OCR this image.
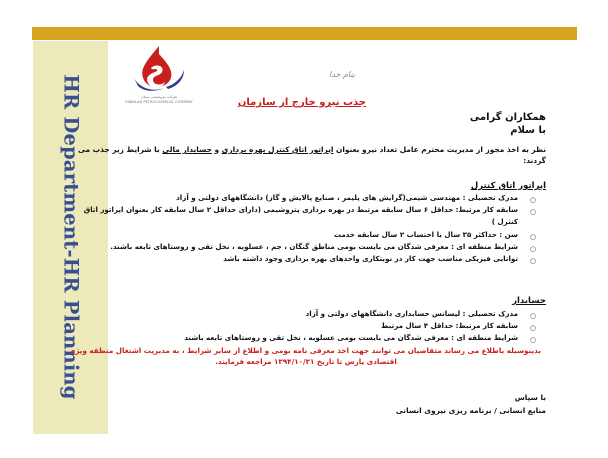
HR Department-HR Planning	شرکت پتروشیمی سبلان
SABALAN PETROCHEMICAL COMPANY
بنام خدا
جذب نیرو خارج از سازمان
همکاران گرامی
با سلام
نظر به اخذ مجوز از مدیریت محترم عامل تعداد نیرو بعنوان اپراتور اتاق کنترل بهره برداری و حسابدار مالی با شرایط زیر جذب می گردند:
اپراتور اتاق کنترل
○
مدرک تحصیلی : مهندسی شیمی(گرایش های پلیمر ، صنایع پالایش و گاز) دانشگاههای دولتی و آزاد
○
سابقه کار مرتبط: حداقل ۶ سال سابقه مرتبط در بهره برداری پتروشیمی (دارای حداقل ۲ سال سابقه کار بعنوان اپراتور اتاق کنترل )
○
سن : حداکثر ۳۵ سال با احتساب ۲ سال سابقه خدمت
○
شرایط منطقه ای : معرفی شدگان می بایست بومی مناطق گنگان ، جم ، عسلویه ، نخل تقی و روستاهای تابعه باشند.
○
توانایی فیزیکی مناسب جهت کار در نوبتکاری واحدهای بهره برداری وجود داشته باشد
حسابدار
○
مدرک تحصیلی : لیسانس حسابداری دانشگاههای دولتی و آزاد
○
سابقه کار مرتبط: حداقل ۴ سال مرتبط
○
شرایط منطقه ای : معرفی شدگان می بایست بومی عسلویه ، نخل تقی و روستاهای تابعه باشند
بدینوسیله باطلاع می رساند متقاضیان می توانند جهت اخذ معرفی نامه بومی و اطلاع از سایر شرایط ، به مدیریت اشتغال منطقه ویژه اقتصادی پارس تا تاریخ ۱۳۹۴/۱۰/۳۱ مراجعه فرمایند.
با سپاس
منابع انسانی / برنامه ریزی نیروی انسانی
